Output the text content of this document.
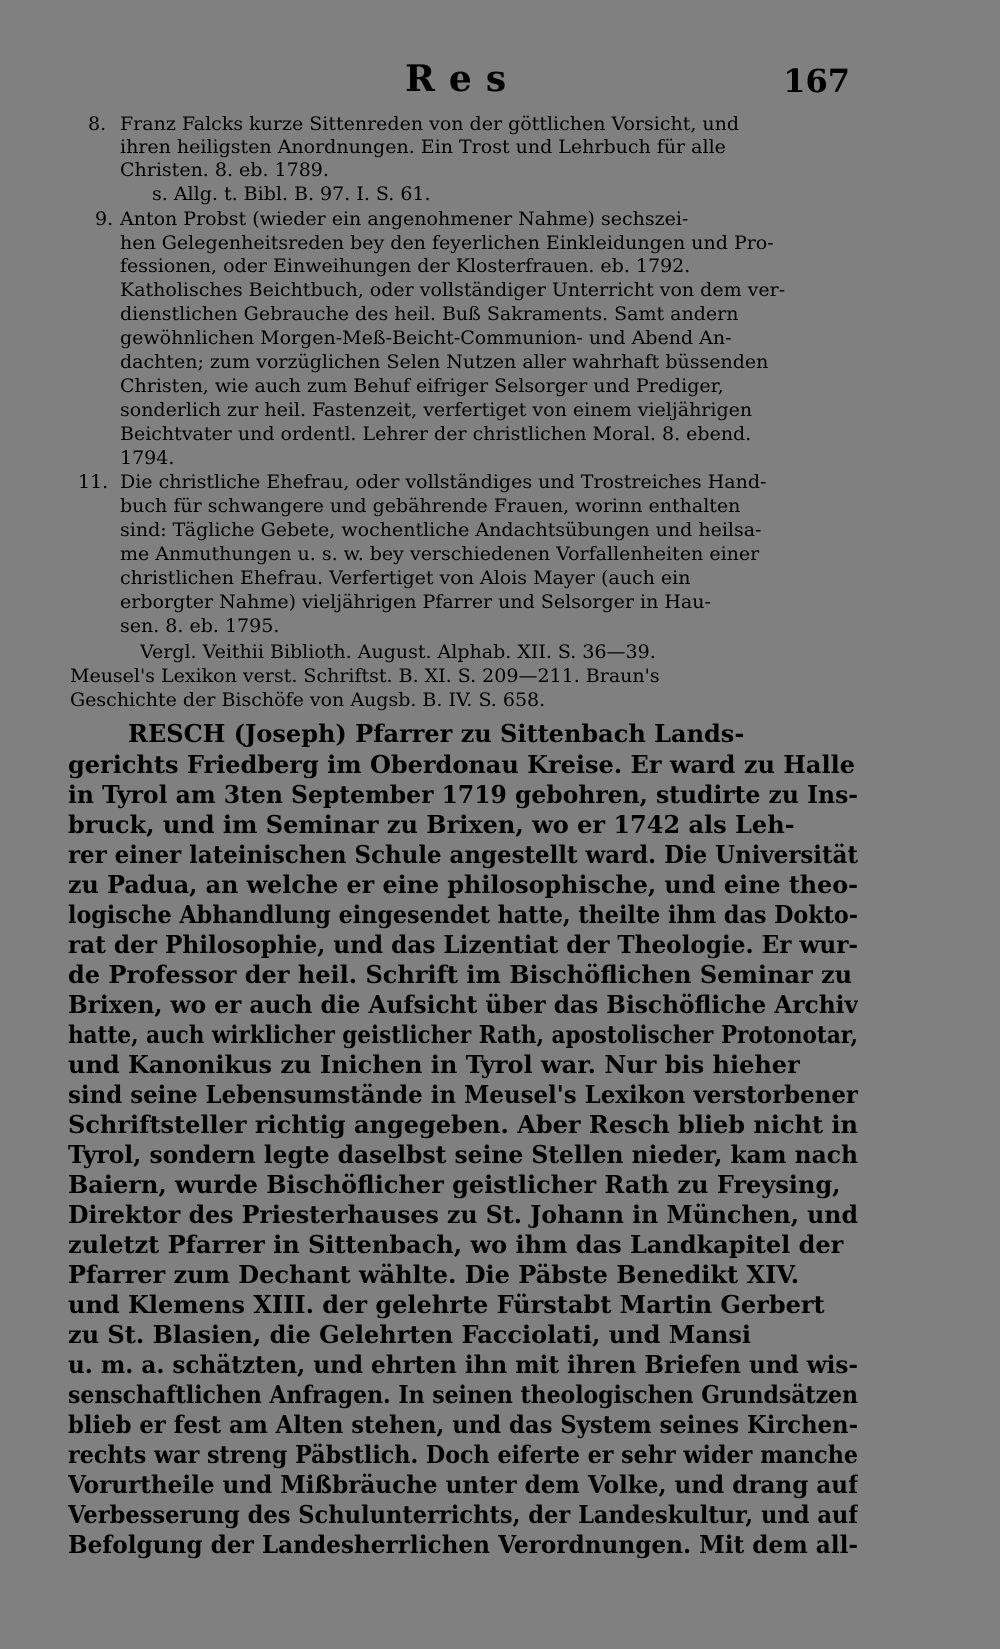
Res	167
8. Franz Falcks kurze Sittenreden von der göttlichen Vorsicht, und
ihren heiligsten Anordnungen. Ein Trost und Lehrbuch für alle
Christen. 8. eb. 1789.
s. Allg. t. Bibl. B. 97. I. S. 61.
9. Anton Probst (wieder ein angenohmener Nahme) sechszei-
hen Gelegenheitsreden bey den feyerlichen Einkleidungen und Pro-
fessionen, oder Einweihungen der Klosterfrauen. eb. 1792.
Katholisches Beichtbuch, oder vollständiger Unterricht von dem ver-
dienstlichen Gebrauche des heil. Buß Sakraments. Samt andern
gewöhnlichen Morgen-Meß-Beicht-Communion- und Abend An-
dachten; zum vorzüglichen Selen Nutzen aller wahrhaft büssenden
Christen, wie auch zum Behuf eifriger Selsorger und Prediger,
sonderlich zur heil. Fastenzeit, verfertiget von einem vieljährigen
Beichtvater und ordentl. Lehrer der christlichen Moral. 8. ebend.
1794.
11. Die christliche Ehefrau, oder vollständiges und Trostreiches Hand-
buch für schwangere und gebährende Frauen, worinn enthalten
sind: Tägliche Gebete, wochentliche Andachtsübungen und heilsa-
me Anmuthungen u. s. w. bey verschiedenen Vorfallenheiten einer
christlichen Ehefrau. Verfertiget von Alois Mayer (auch ein
erborgter Nahme) vieljährigen Pfarrer und Selsorger in Hau-
sen. 8. eb. 1795.
Vergl. Veithii Biblioth. August. Alphab. XII. S. 36—39.
Meusel's Lexikon verst. Schriftst. B. XI. S. 209—211. Braun's
Geschichte der Bischöfe von Augsb. B. IV. S. 658.
RESCH (Joseph) Pfarrer zu Sittenbach Lands-
gerichts Friedberg im Oberdonau Kreise. Er ward zu Halle
in Tyrol am 3ten September 1719 gebohren, studirte zu Ins-
bruck, und im Seminar zu Brixen, wo er 1742 als Leh-
rer einer lateinischen Schule angestellt ward. Die Universität
zu Padua, an welche er eine philosophische, und eine theo-
logische Abhandlung eingesendet hatte, theilte ihm das Dokto-
rat der Philosophie, und das Lizentiat der Theologie. Er wur-
de Professor der heil. Schrift im Bischöflichen Seminar zu
Brixen, wo er auch die Aufsicht über das Bischöfliche Archiv
hatte, auch wirklicher geistlicher Rath, apostolischer Protonotar,
und Kanonikus zu Inichen in Tyrol war. Nur bis hieher
sind seine Lebensumstände in Meusel's Lexikon verstorbener
Schriftsteller richtig angegeben. Aber Resch blieb nicht in
Tyrol, sondern legte daselbst seine Stellen nieder, kam nach
Baiern, wurde Bischöflicher geistlicher Rath zu Freysing,
Direktor des Priesterhauses zu St. Johann in München, und
zuletzt Pfarrer in Sittenbach, wo ihm das Landkapitel der
Pfarrer zum Dechant wählte. Die Päbste Benedikt XIV.
und Klemens XIII. der gelehrte Fürstabt Martin Gerbert
zu St. Blasien, die Gelehrten Facciolati, und Mansi
u. m. a. schätzten, und ehrten ihn mit ihren Briefen und wis-
senschaftlichen Anfragen. In seinen theologischen Grundsätzen
blieb er fest am Alten stehen, und das System seines Kirchen-
rechts war streng Päbstlich. Doch eiferte er sehr wider manche
Vorurtheile und Mißbräuche unter dem Volke, und drang auf
Verbesserung des Schulunterrichts, der Landeskultur, und auf
Befolgung der Landesherrlichen Verordnungen. Mit dem all-
